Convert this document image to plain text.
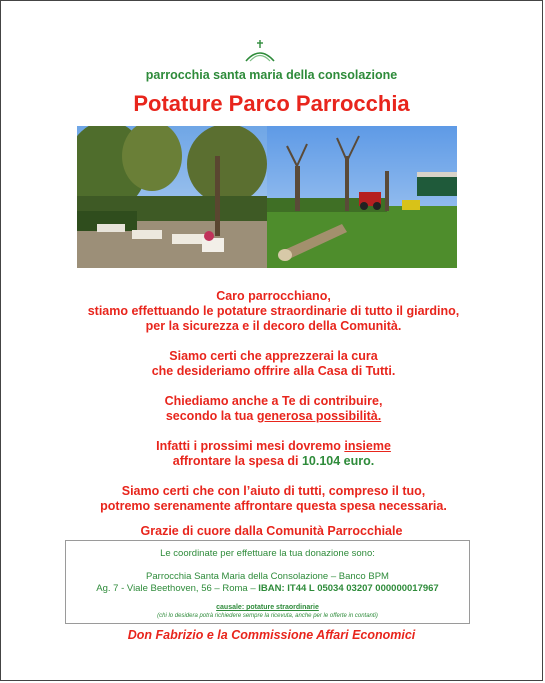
parrocchia santa maria della consolazione
Potature Parco Parrocchia
Caro parrocchiano,
stiamo effettuando le potature straordinarie di tutto il giardino,
per la sicurezza e il decoro della Comunità.
Siamo certi che apprezzerai la cura
che desideriamo offrire alla Casa di Tutti.
Chiediamo anche a Te di contribuire,
secondo la tua generosa possibilità.
Infatti i prossimi mesi dovremo insieme
affrontare la spesa di 10.104 euro.
Siamo certi che con l’aiuto di tutti, compreso il tuo,
potremo serenamente affrontare questa spesa necessaria.
Grazie di cuore dalla Comunità Parrocchiale
Le coordinate per effettuare la tua donazione sono:
Parrocchia Santa Maria della Consolazione – Banco BPM
Ag. 7 - Viale Beethoven, 56 – Roma – IBAN: IT44 L 05034 03207 000000017967
causale: potature straordinarie
(chi lo desidera potrà richiedere sempre la ricevuta, anche per le offerte in contanti)
Don Fabrizio e la Commissione Affari Economici
